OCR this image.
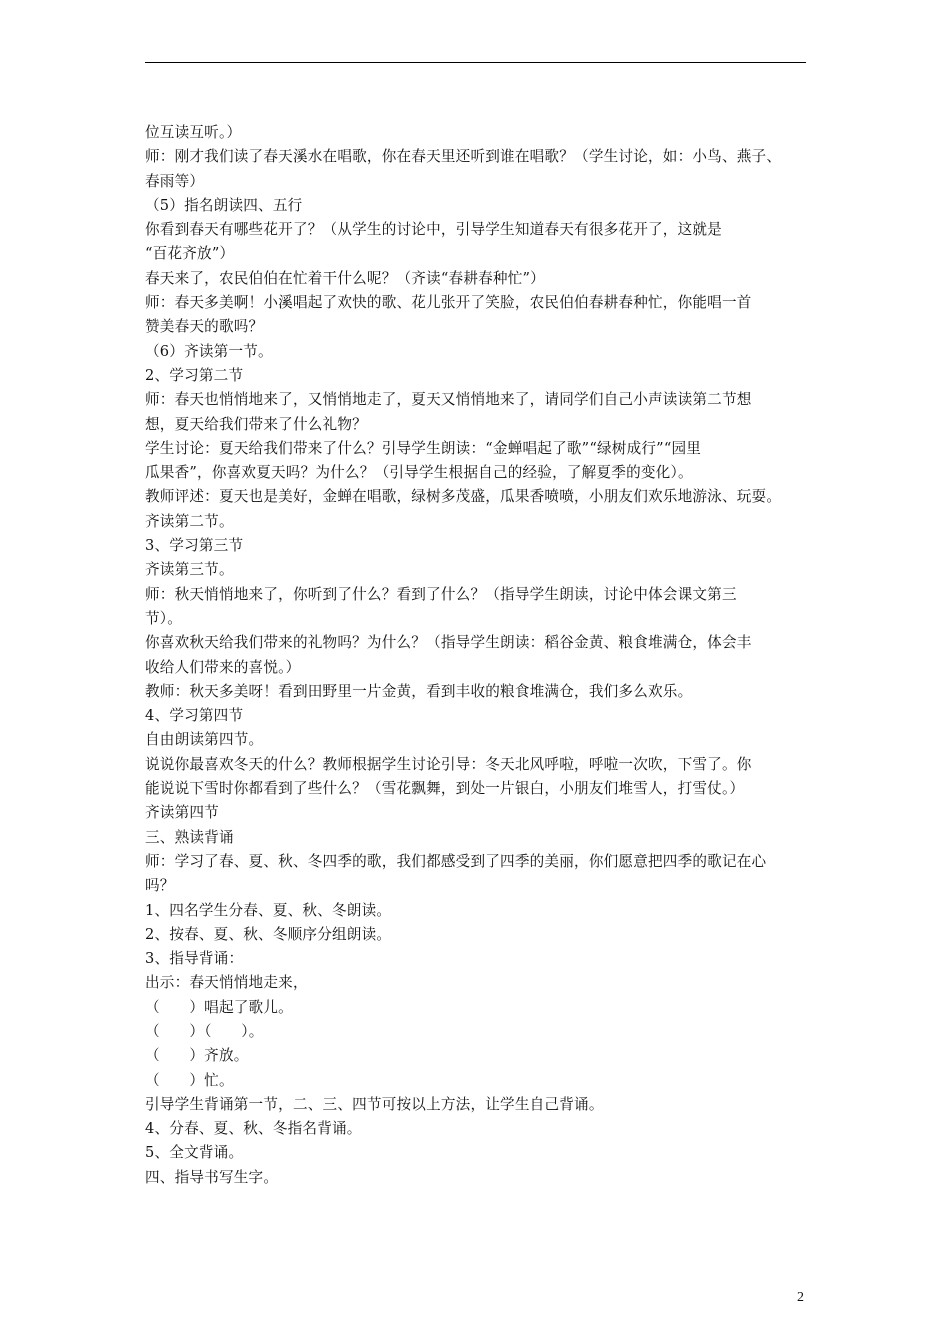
位互读互听。）
师：刚才我们读了春天溪水在唱歌，你在春天里还听到谁在唱歌？（学生讨论，如：小鸟、燕子、
春雨等）
（5）指名朗读四、五行
你看到春天有哪些花开了？（从学生的讨论中，引导学生知道春天有很多花开了，这就是
“百花齐放”）
春天来了，农民伯伯在忙着干什么呢？（齐读“春耕春种忙”）
师：春天多美啊！小溪唱起了欢快的歌、花儿张开了笑脸，农民伯伯春耕春种忙，你能唱一首
赞美春天的歌吗？
（6）齐读第一节。
2、学习第二节
师：春天也悄悄地来了，又悄悄地走了，夏天又悄悄地来了，请同学们自己小声读读第二节想
想，夏天给我们带来了什么礼物？
学生讨论：夏天给我们带来了什么？引导学生朗读：“金蝉唱起了歌”“绿树成行”“园里
瓜果香”，你喜欢夏天吗？为什么？（引导学生根据自己的经验，了解夏季的变化）。
教师评述：夏天也是美好，金蝉在唱歌，绿树多茂盛，瓜果香喷喷，小朋友们欢乐地游泳、玩耍。
齐读第二节。
3、学习第三节
齐读第三节。
师：秋天悄悄地来了，你听到了什么？看到了什么？（指导学生朗读，讨论中体会课文第三
节）。
你喜欢秋天给我们带来的礼物吗？为什么？（指导学生朗读：稻谷金黄、粮食堆满仓，体会丰
收给人们带来的喜悦。）
教师：秋天多美呀！看到田野里一片金黄，看到丰收的粮食堆满仓，我们多么欢乐。
4、学习第四节
自由朗读第四节。
说说你最喜欢冬天的什么？教师根据学生讨论引导：冬天北风呼啦，呼啦一次吹，下雪了。你
能说说下雪时你都看到了些什么？（雪花飘舞，到处一片银白，小朋友们堆雪人，打雪仗。）
齐读第四节
三、熟读背诵
师：学习了春、夏、秋、冬四季的歌，我们都感受到了四季的美丽，你们愿意把四季的歌记在心
吗？
1、四名学生分春、夏、秋、冬朗读。
2、按春、夏、秋、冬顺序分组朗读。
3、指导背诵：
出示：春天悄悄地走来，
（　　）唱起了歌儿。
（　　）（　　）。
（　　）齐放。
（　　）忙。
引导学生背诵第一节，二、三、四节可按以上方法，让学生自己背诵。
4、分春、夏、秋、冬指名背诵。
5、全文背诵。
四、指导书写生字。
2
